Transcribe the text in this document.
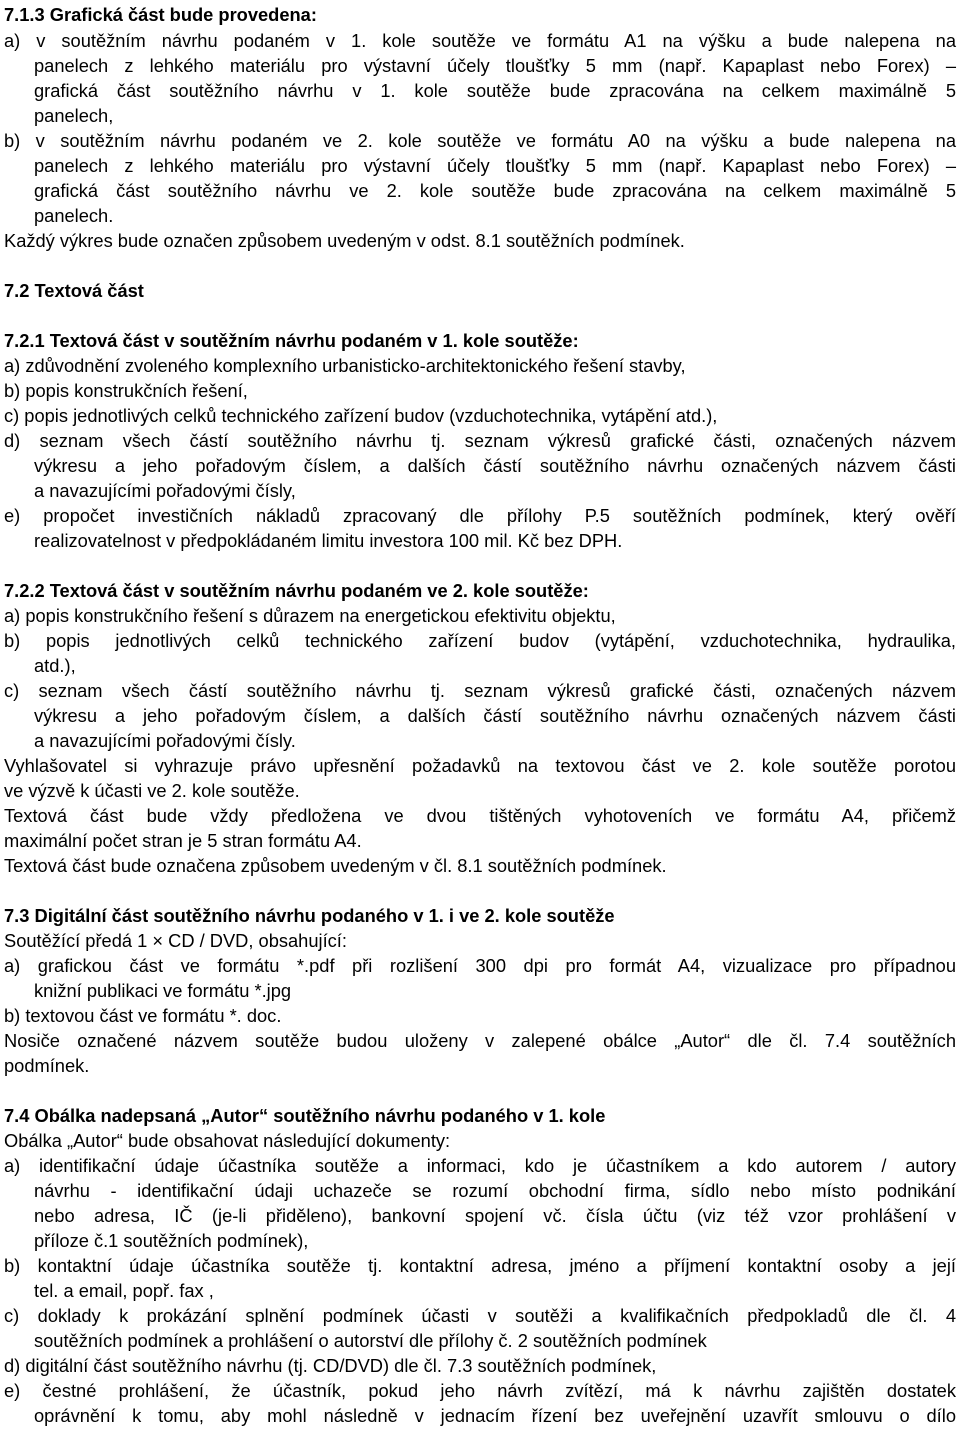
7.1.3 Grafická část bude provedena:
a) v soutěžním návrhu podaném v 1. kole soutěže ve formátu A1 na výšku a bude nalepena na
panelech z lehkého materiálu pro výstavní účely tloušťky 5 mm (např. Kapaplast nebo Forex) –
grafická část soutěžního návrhu v 1. kole soutěže bude zpracována na celkem maximálně 5
panelech,
b) v soutěžním návrhu podaném ve 2. kole soutěže ve formátu A0 na výšku a bude nalepena na
panelech z lehkého materiálu pro výstavní účely tloušťky 5 mm (např. Kapaplast nebo Forex) –
grafická část soutěžního návrhu ve 2. kole soutěže bude zpracována na celkem maximálně 5
panelech.
Každý výkres bude označen způsobem uvedeným v odst. 8.1 soutěžních podmínek.
7.2 Textová část
7.2.1 Textová část v soutěžním návrhu podaném v 1. kole soutěže:
a) zdůvodnění zvoleného komplexního urbanisticko-architektonického řešení stavby,
b) popis konstrukčních řešení,
c) popis jednotlivých celků technického zařízení budov (vzduchotechnika, vytápění atd.),
d) seznam všech částí soutěžního návrhu tj. seznam výkresů grafické části, označených názvem
výkresu a jeho pořadovým číslem, a dalších částí soutěžního návrhu označených názvem části
a navazujícími pořadovými čísly,
e) propočet investičních nákladů zpracovaný dle přílohy P.5 soutěžních podmínek, který ověří
realizovatelnost v předpokládaném limitu investora 100 mil. Kč bez DPH.
7.2.2 Textová část v soutěžním návrhu podaném ve 2. kole soutěže:
a) popis konstrukčního řešení s důrazem na energetickou efektivitu objektu,
b) popis jednotlivých celků technického zařízení budov (vytápění, vzduchotechnika, hydraulika,
atd.),
c) seznam všech částí soutěžního návrhu tj. seznam výkresů grafické části, označených názvem
výkresu a jeho pořadovým číslem, a dalších částí soutěžního návrhu označených názvem části
a navazujícími pořadovými čísly.
Vyhlašovatel si vyhrazuje právo upřesnění požadavků na textovou část ve 2. kole soutěže porotou
ve výzvě k účasti ve 2. kole soutěže.
Textová část bude vždy předložena ve dvou tištěných vyhotoveních ve formátu A4, přičemž
maximální počet stran je 5 stran formátu A4.
Textová část bude označena způsobem uvedeným v čl. 8.1 soutěžních podmínek.
7.3 Digitální část soutěžního návrhu podaného v 1. i ve 2. kole soutěže
Soutěžící předá 1 × CD / DVD, obsahující:
a) grafickou část ve formátu *.pdf při rozlišení 300 dpi pro formát A4, vizualizace pro případnou
knižní publikaci ve formátu *.jpg
b) textovou část ve formátu *. doc.
Nosiče označené názvem soutěže budou uloženy v zalepené obálce „Autor“ dle čl. 7.4 soutěžních
podmínek.
7.4 Obálka nadepsaná „Autor“ soutěžního návrhu podaného v 1. kole
Obálka „Autor“ bude obsahovat následující dokumenty:
a) identifikační údaje účastníka soutěže a informaci, kdo je účastníkem a kdo autorem / autory
návrhu - identifikační údaji uchazeče se rozumí obchodní firma, sídlo nebo místo podnikání
nebo adresa, IČ (je-li přiděleno), bankovní spojení vč. čísla účtu (viz též vzor prohlášení v
příloze č.1 soutěžních podmínek),
b) kontaktní údaje účastníka soutěže tj. kontaktní adresa, jméno a příjmení kontaktní osoby a její
tel. a email, popř. fax ,
c) doklady k prokázání splnění podmínek účasti v soutěži a kvalifikačních předpokladů dle čl. 4
soutěžních podmínek a prohlášení o autorství dle přílohy č. 2 soutěžních podmínek
d) digitální část soutěžního návrhu (tj. CD/DVD) dle čl. 7.3 soutěžních podmínek,
e) čestné prohlášení, že účastník, pokud jeho návrh zvítězí, má k návrhu zajištěn dostatek
oprávnění k tomu, aby mohl následně v jednacím řízení bez uveřejnění uzavřít smlouvu o dílo
